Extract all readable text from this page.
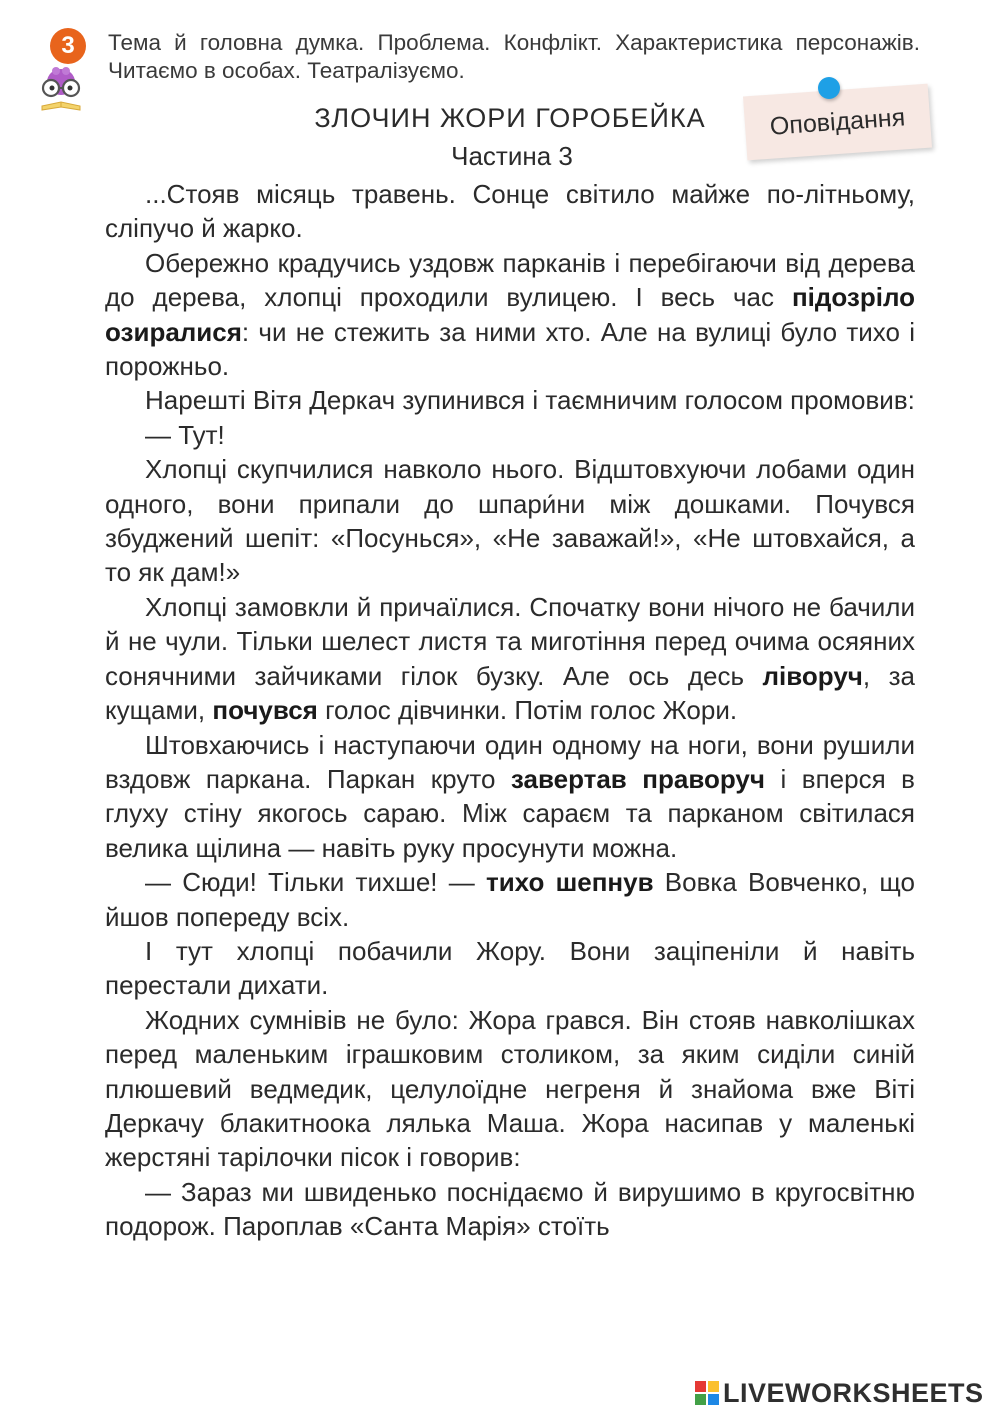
3	Тема й головна думка. Проблема. Конфлікт. Характеристика персонажів. Читаємо в особах. Театралізуємо.
ЗЛОЧИН ЖОРИ ГОРОБЕЙКА
Частина 3
Оповідання

...Стояв місяць травень. Сонце світило майже по-літньому, сліпучо й жарко.

Обережно крадучись уздовж парканів і перебігаючи від дерева до дерева, хлопці проходили вулицею. І весь час підозріло озиралися: чи не стежить за ними хто. Але на вулиці було тихо і порожньо.

Нарешті Вітя Деркач зупинився і таємничим голосом промовив:

— Тут!

Хлопці скупчилися навколо нього. Відштовхуючи лобами один одного, вони припали до шпари́ни між дошками. Почувся збуджений шепіт: «Посунься», «Не заважай!», «Не штовхайся, а то як дам!»

Хлопці замовкли й причаїлися. Спочатку вони нічого не бачили й не чули. Тільки шелест листя та миготіння перед очима осяяних сонячними зайчиками гілок бузку. Але ось десь ліворуч, за кущами, почувся голос дівчинки. Потім голос Жори.

Штовхаючись і наступаючи один одному на ноги, вони рушили вздовж паркана. Паркан круто завертав праворуч і вперся в глуху стіну якогось сараю. Між сараєм та парканом світилася велика щілина — навіть руку просунути можна.

— Сюди! Тільки тихше! — тихо шепнув Вовка Вовченко, що йшов попереду всіх.

І тут хлопці побачили Жору. Вони заціпеніли й навіть перестали дихати.

Жодних сумнівів не було: Жора грався. Він стояв навколішках перед маленьким іграшковим столиком, за яким сиділи синій плюшевий ведмедик, целулоїдне негреня й знайома вже Віті Деркачу блакитноока лялька Маша. Жора насипав у маленькі жерстяні тарілочки пісок і говорив:

— Зараз ми швиденько поснідаємо й вирушимо в кругосвітню подорож. Пароплав «Санта Марія» стоїть

LIVEWORKSHEETS
